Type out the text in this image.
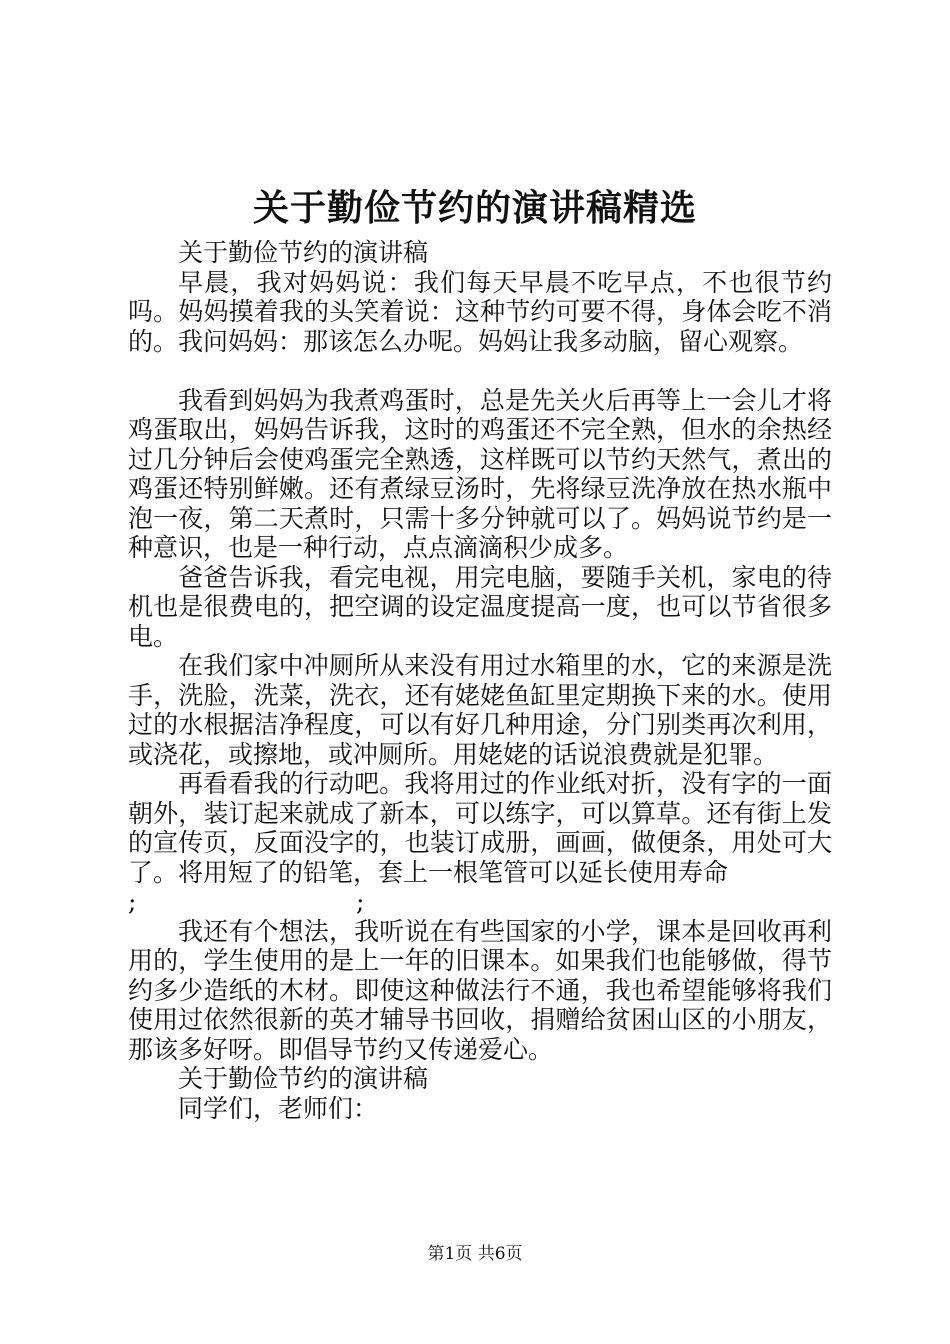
关于勤俭节约的演讲稿精选

关于勤俭节约的演讲稿

早晨，我对妈妈说：我们每天早晨不吃早点，不也很节约吗。妈妈摸着我的头笑着说：这种节约可要不得，身体会吃不消的。我问妈妈：那该怎么办呢。妈妈让我多动脑，留心观察。

我看到妈妈为我煮鸡蛋时，总是先关火后再等上一会儿才将鸡蛋取出，妈妈告诉我，这时的鸡蛋还不完全熟，但水的余热经过几分钟后会使鸡蛋完全熟透，这样既可以节约天然气，煮出的鸡蛋还特别鲜嫩。还有煮绿豆汤时，先将绿豆洗净放在热水瓶中泡一夜，第二天煮时，只需十多分钟就可以了。妈妈说节约是一种意识，也是一种行动，点点滴滴积少成多。

爸爸告诉我，看完电视，用完电脑，要随手关机，家电的待机也是很费电的，把空调的设定温度提高一度，也可以节省很多电。

在我们家中冲厕所从来没有用过水箱里的水，它的来源是洗手，洗脸，洗菜，洗衣，还有姥姥鱼缸里定期换下来的水。使用过的水根据洁净程度，可以有好几种用途，分门别类再次利用，或浇花，或擦地，或冲厕所。用姥姥的话说浪费就是犯罪。

再看看我的行动吧。我将用过的作业纸对折，没有字的一面朝外，装订起来就成了新本，可以练字，可以算草。还有街上发的宣传页，反面没字的，也装订成册，画画，做便条，用处可大了。将用短了的铅笔，套上一根笔管可以延长使用寿命

;	;

我还有个想法，我听说在有些国家的小学，课本是回收再利用的，学生使用的是上一年的旧课本。如果我们也能够做，得节约多少造纸的木材。即使这种做法行不通，我也希望能够将我们使用过依然很新的英才辅导书回收，捐赠给贫困山区的小朋友，那该多好呀。即倡导节约又传递爱心。

关于勤俭节约的演讲稿

同学们，老师们：

第1页 共6页
